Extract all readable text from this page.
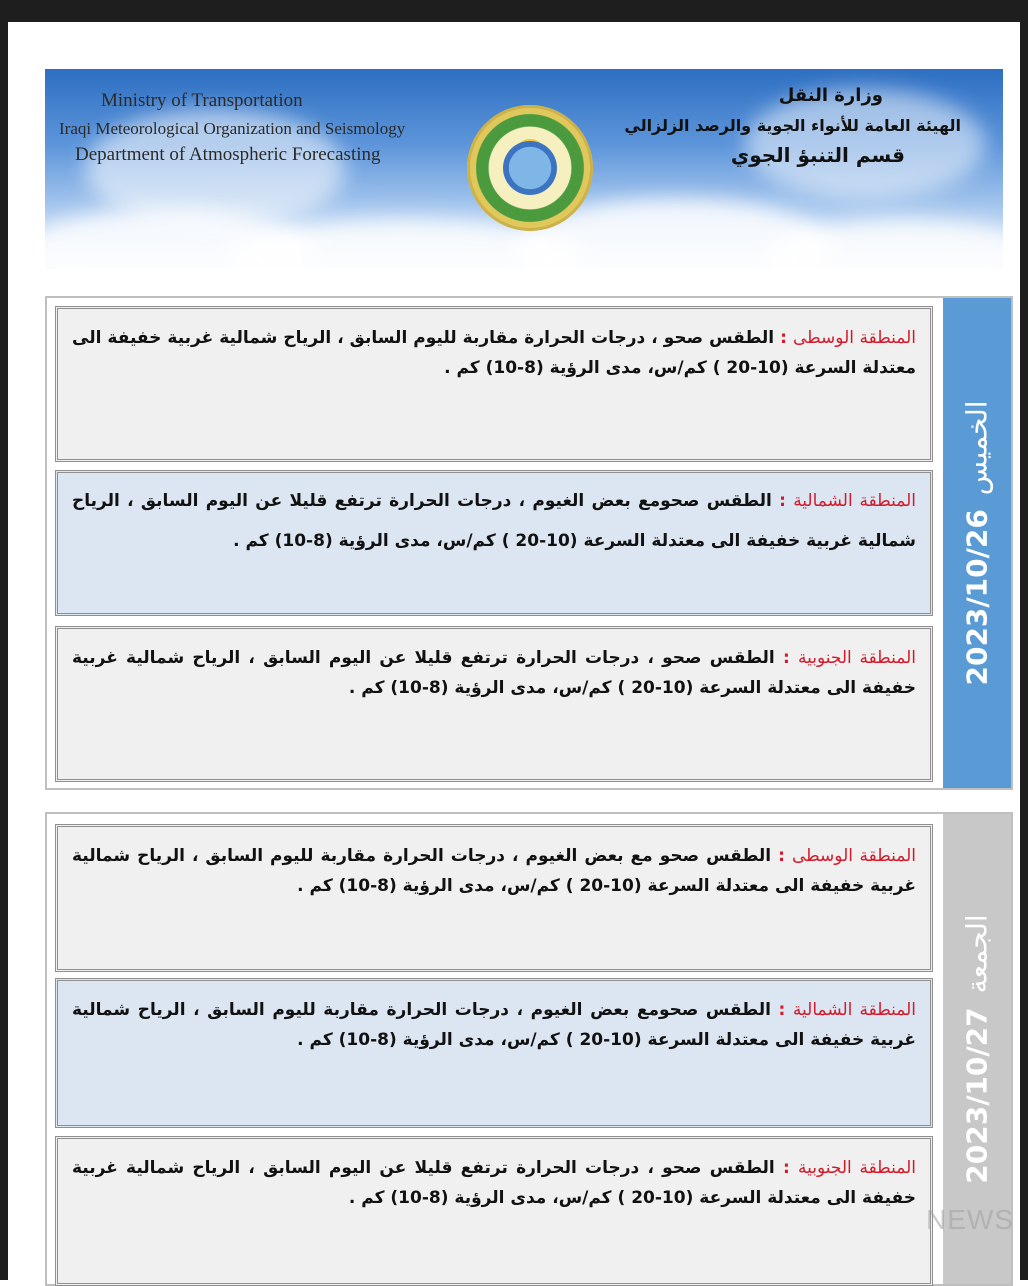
Ministry of Transportation
Iraqi Meteorological Organization and Seismology
Department of Atmospheric Forecasting
وزارة النقل
الهيئة العامة للأنواء الجوية والرصد الزلزالي
قسم التنبؤ الجوي
المنطقة الوسطى : الطقس صحو ، درجات الحرارة مقاربة لليوم السابق ، الرياح شمالية غربية خفيفة الى معتدلة السرعة (10-20 ) كم/س، مدى الرؤية (8-10) كم .
المنطقة الشمالية : الطقس صحومع بعض الغيوم ، درجات الحرارة ترتفع قليلا عن اليوم السابق ، الرياح شمالية غربية خفيفة الى معتدلة السرعة (10-20 ) كم/س، مدى الرؤية (8-10) كم .
المنطقة الجنوبية : الطقس صحو ، درجات الحرارة ترتفع قليلا عن اليوم السابق ، الرياح شمالية غربية خفيفة الى معتدلة السرعة (10-20 ) كم/س، مدى الرؤية (8-10) كم .
الخميس2023/10/26
المنطقة الوسطى : الطقس صحو مع بعض الغيوم ، درجات الحرارة مقاربة لليوم السابق ، الرياح شمالية غربية خفيفة الى معتدلة السرعة (10-20 ) كم/س، مدى الرؤية (8-10) كم .
المنطقة الشمالية : الطقس صحومع بعض الغيوم ، درجات الحرارة مقاربة لليوم السابق ، الرياح شمالية غربية خفيفة الى معتدلة السرعة (10-20 ) كم/س، مدى الرؤية (8-10) كم .
المنطقة الجنوبية : الطقس صحو ، درجات الحرارة ترتفع قليلا عن اليوم السابق ، الرياح شمالية غربية خفيفة الى معتدلة السرعة (10-20 ) كم/س، مدى الرؤية (8-10) كم .
الجمعة2023/10/27
NEWS
